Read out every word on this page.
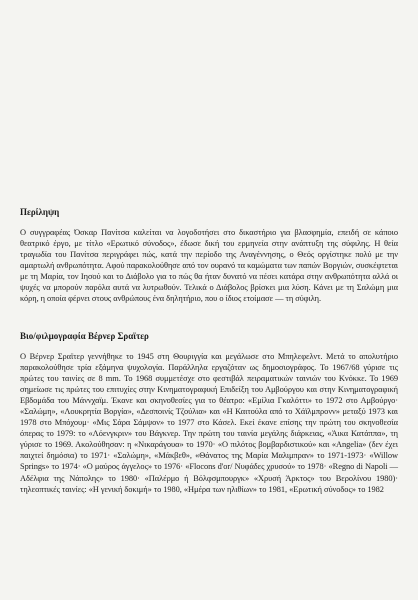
Περίληψη

Ο συγγραφέας Όσκαρ Πανίτσα καλείται να λογοδοτήσει στο δικαστήριο για βλασφημία, επειδή σε κάποιο θεατρικό έργο, με τίτλο «Ερωτικό σύνοδος», έδωσε δική του ερμηνεία στην ανάπτυξη της σύφιλης. Η θεία τραγωδία του Πανίτσα περιγράφει πώς, κατά την περίοδο της Αναγέννησης, ο Θεός οργίστηκε πολύ με την αμαρτωλή ανθρωπότητα. Αφού παρακολούθησε από τον ουρανό τα καμώματα των παπών Βοργιών, συσκέφτεται με τη Μαρία, τον Ιησού και το Διάβολο για το πώς θα ήταν δυνατό να πέσει κατάρα στην ανθρωπότητα αλλά οι ψυχές να μπορούν παρόλα αυτά να λυτρωθούν. Τελικά ο Διάβολος βρίσκει μια λύση. Κάνει με τη Σαλώμη μια κόρη, η οποία φέρνει στους ανθρώπους ένα δηλητήριο, που ο ίδιος ετοίμασε — τη σύφιλη.

Βιο/φιλμογραφία Βέρνερ Σραϊτερ

Ο Βέρνερ Σραϊτερ γεννήθηκε το 1945 στη Θουριγγία και μεγάλωσε στο Μπηλεφελντ. Μετά το απολυτήριο παρακολούθησε τρία εξάμηνα ψυχολογία. Παράλληλα εργαζόταν ως δημοσιογράφος. Το 1967/68 γύρισε τις πρώτες του ταινίες σε 8 mm. Το 1968 συμμετέσχε στο φεστιβάλ πειραματικών ταινιών του Κνόκκε. Το 1969 σημείωσε τις πρώτες του επιτυχίες στην Κινηματογραφική Επιδείξη του Αμβούργου και στην Κινηματογραφική Εβδομάδα του Μάννχαϊμ. Έκανε και σκηνοθεσίες για το θέατρο: «Εμίλια Γκαλόττι» το 1972 στο Αμβούργο· «Σαλώμη», «Λουκρητία Βοργία», «Δεσποινίς Τζούλια» και «Η Καιτούλα από το Χάϊλμπρονν» μεταξύ 1973 και 1978 στο Μπόχουμ· «Μις Σάρα Σάμψον» το 1977 στο Κάσελ. Εκεί έκανε επίσης την πρώτη του σκηνοθεσία όπερας το 1979: το «Λόενγκριν» του Βάγκνερ. Την πρώτη του ταινία μεγάλης διάρκειας, «Άικα Κατάππα», τη γύρισε το 1969. Ακολούθησαν: η «Νικαράγουα» το 1970· «Ο πιλότος βομβαρδιστικού» και «Angelia» (δεν έχει παιχτεί δημόσια) το 1971· «Σαλώμη», «Μάκβεθ», «Θάνατος της Μαρία Μαλιμπραν» το 1971-1973· «Willow Springs» το 1974· «Ο μαύρος άγγελος» το 1976· «Flocons d'or/ Νυφάδες χρυσού» το 1978· «Regno di Napoli — Αδέλφια της Νάπολης» το 1980· «Παλέρμο ή Βόλφσμπουργκ» «Χρυσή Άρκτος» του Βερολίνου 1980)· τηλεοπτικές ταινίες: «Η γενική δοκιμή» το 1980, «Ημέρα των ηλιθίων» το 1981, «Ερωτική σύνοδος» το 1982
